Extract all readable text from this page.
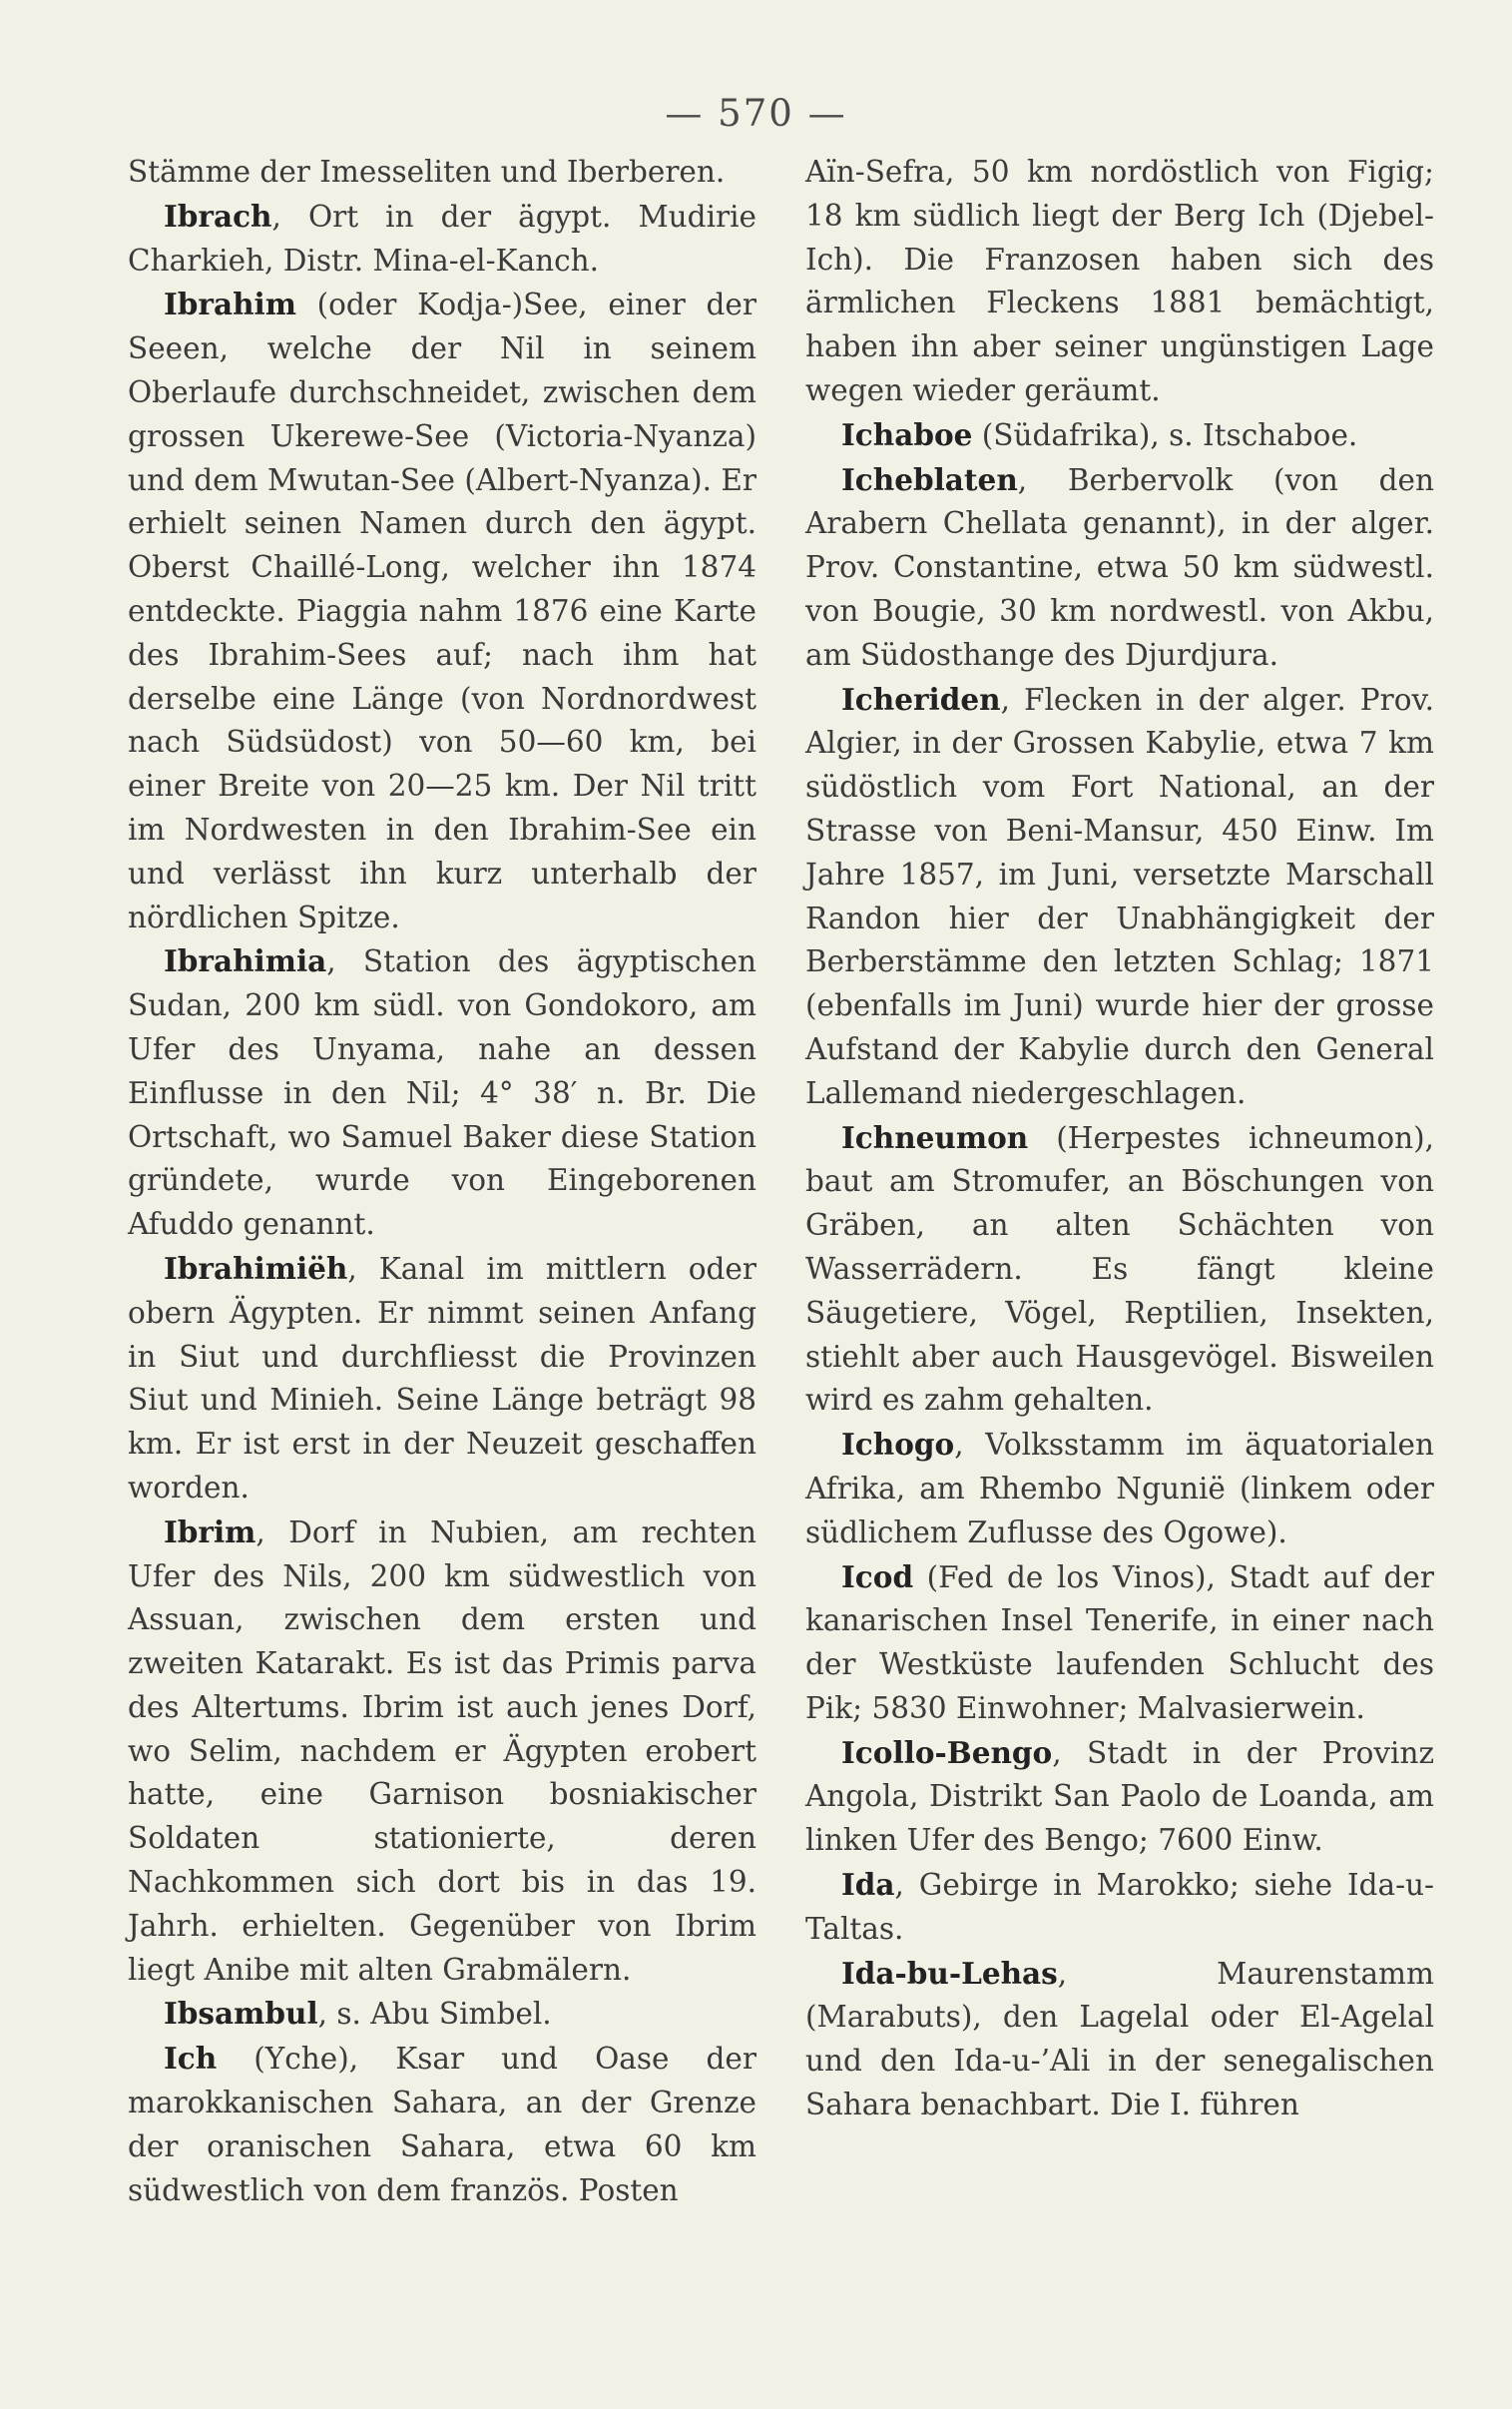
— 570 —

Stämme der Imesseliten und Iberberen.

Ibrach, Ort in der ägypt. Mudirie Charkieh, Distr. Mina-el-Kanch.

Ibrahim (oder Kodja-)See, einer der Seeen, welche der Nil in seinem Oberlaufe durchschneidet, zwischen dem grossen Ukerewe-See (Victoria-Nyanza) und dem Mwutan-See (Albert-Nyanza). Er erhielt seinen Namen durch den ägypt. Oberst Chaillé-Long, welcher ihn 1874 entdeckte. Piaggia nahm 1876 eine Karte des Ibrahim-Sees auf; nach ihm hat derselbe eine Länge (von Nordnordwest nach Südsüdost) von 50—60 km, bei einer Breite von 20—25 km. Der Nil tritt im Nordwesten in den Ibrahim-See ein und verlässt ihn kurz unterhalb der nördlichen Spitze.

Ibrahimia, Station des ägyptischen Sudan, 200 km südl. von Gondokoro, am Ufer des Unyama, nahe an dessen Einflusse in den Nil; 4° 38′ n. Br. Die Ortschaft, wo Samuel Baker diese Station gründete, wurde von Eingeborenen Afuddo genannt.

Ibrahimiëh, Kanal im mittlern oder obern Ägypten. Er nimmt seinen Anfang in Siut und durchfliesst die Provinzen Siut und Minieh. Seine Länge beträgt 98 km. Er ist erst in der Neuzeit geschaffen worden.

Ibrim, Dorf in Nubien, am rechten Ufer des Nils, 200 km südwestlich von Assuan, zwischen dem ersten und zweiten Katarakt. Es ist das Primis parva des Altertums. Ibrim ist auch jenes Dorf, wo Selim, nachdem er Ägypten erobert hatte, eine Garnison bosniakischer Soldaten stationierte, deren Nachkommen sich dort bis in das 19. Jahrh. erhielten. Gegenüber von Ibrim liegt Anibe mit alten Grabmälern.

Ibsambul, s. Abu Simbel.

Ich (Yche), Ksar und Oase der marokkanischen Sahara, an der Grenze der oranischen Sahara, etwa 60 km südwestlich von dem französ. Posten

Aïn-Sefra, 50 km nordöstlich von Figig; 18 km südlich liegt der Berg Ich (Djebel-Ich). Die Franzosen haben sich des ärmlichen Fleckens 1881 bemächtigt, haben ihn aber seiner ungünstigen Lage wegen wieder geräumt.

Ichaboe (Südafrika), s. Itschaboe.

Icheblaten, Berbervolk (von den Arabern Chellata genannt), in der alger. Prov. Constantine, etwa 50 km südwestl. von Bougie, 30 km nordwestl. von Akbu, am Südosthange des Djurdjura.

Icheriden, Flecken in der alger. Prov. Algier, in der Grossen Kabylie, etwa 7 km südöstlich vom Fort National, an der Strasse von Beni-Mansur, 450 Einw. Im Jahre 1857, im Juni, versetzte Marschall Randon hier der Unabhängigkeit der Berberstämme den letzten Schlag; 1871 (ebenfalls im Juni) wurde hier der grosse Aufstand der Kabylie durch den General Lallemand niedergeschlagen.

Ichneumon (Herpestes ichneumon), baut am Stromufer, an Böschungen von Gräben, an alten Schächten von Wasserrädern. Es fängt kleine Säugetiere, Vögel, Reptilien, Insekten, stiehlt aber auch Hausgevögel. Bisweilen wird es zahm gehalten.

Ichogo, Volksstamm im äquatorialen Afrika, am Rhembo Ngunië (linkem oder südlichem Zuflusse des Ogowe).

Icod (Fed de los Vinos), Stadt auf der kanarischen Insel Tenerife, in einer nach der Westküste laufenden Schlucht des Pik; 5830 Einwohner; Malvasierwein.

Icollo-Bengo, Stadt in der Provinz Angola, Distrikt San Paolo de Loanda, am linken Ufer des Bengo; 7600 Einw.

Ida, Gebirge in Marokko; siehe Ida-u-Taltas.

Ida-bu-Lehas, Maurenstamm (Marabuts), den Lagelal oder El-Agelal und den Ida-u-’Ali in der senegalischen Sahara benachbart. Die I. führen
